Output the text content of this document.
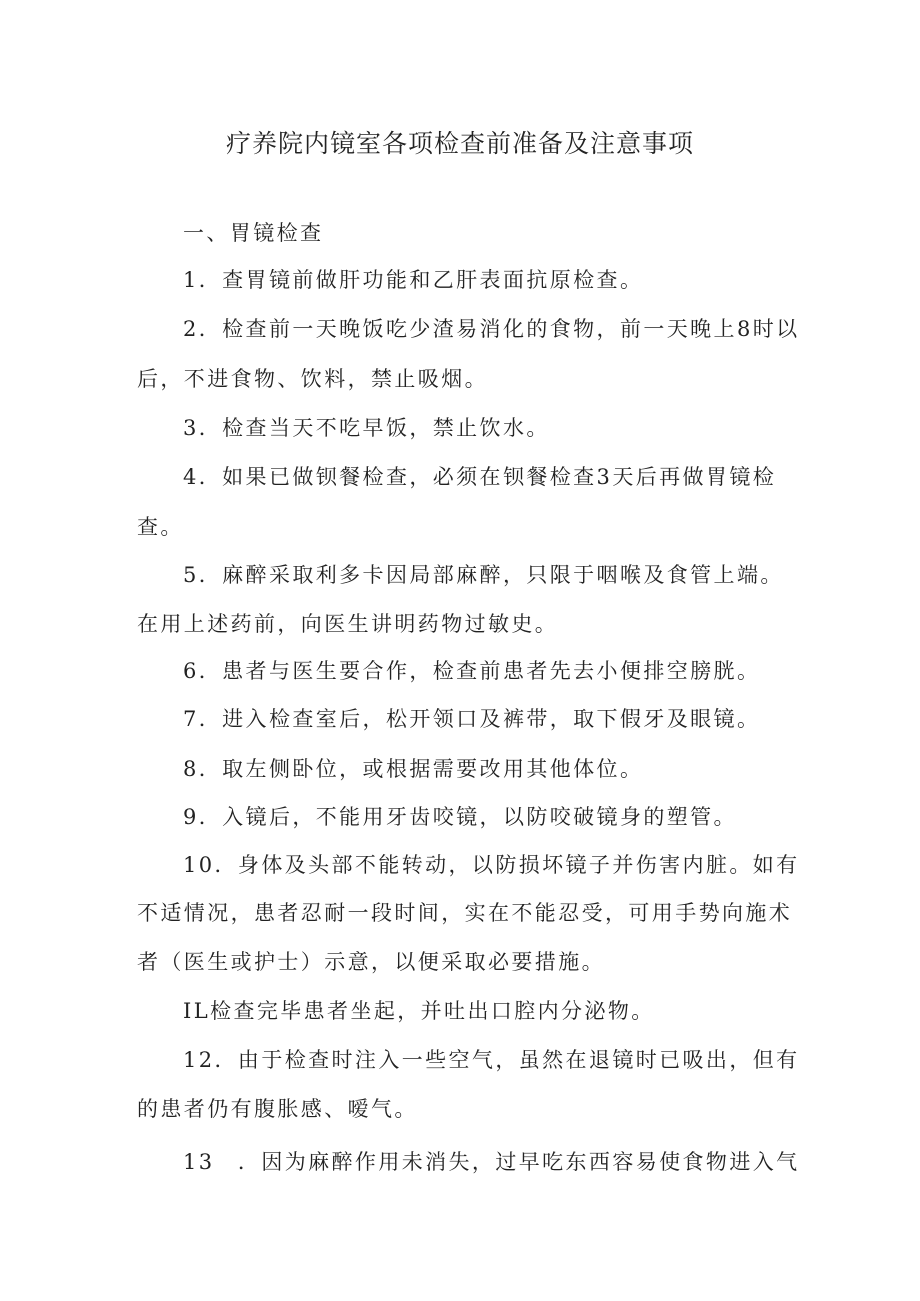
疗养院内镜室各项检查前准备及注意事项
一、胃镜检查
1．查胃镜前做肝功能和乙肝表面抗原检查。
2．检查前一天晚饭吃少渣易消化的食物，前一天晚上8时以
后，不进食物、饮料，禁止吸烟。
3．检查当天不吃早饭，禁止饮水。
4．如果已做钡餐检查，必须在钡餐检查3天后再做胃镜检
查。
5．麻醉采取利多卡因局部麻醉，只限于咽喉及食管上端。
在用上述药前，向医生讲明药物过敏史。
6．患者与医生要合作，检查前患者先去小便排空膀胱。
7．进入检查室后，松开领口及裤带，取下假牙及眼镜。
8．取左侧卧位，或根据需要改用其他体位。
9．入镜后，不能用牙齿咬镜，以防咬破镜身的塑管。
10．身体及头部不能转动，以防损坏镜子并伤害内脏。如有
不适情况，患者忍耐一段时间，实在不能忍受，可用手势向施术
者（医生或护士）示意，以便采取必要措施。
IL检查完毕患者坐起，并吐出口腔内分泌物。
12．由于检查时注入一些空气，虽然在退镜时已吸出，但有
的患者仍有腹胀感、嗳气。
13　．因为麻醉作用未消失，过早吃东西容易使食物进入气
